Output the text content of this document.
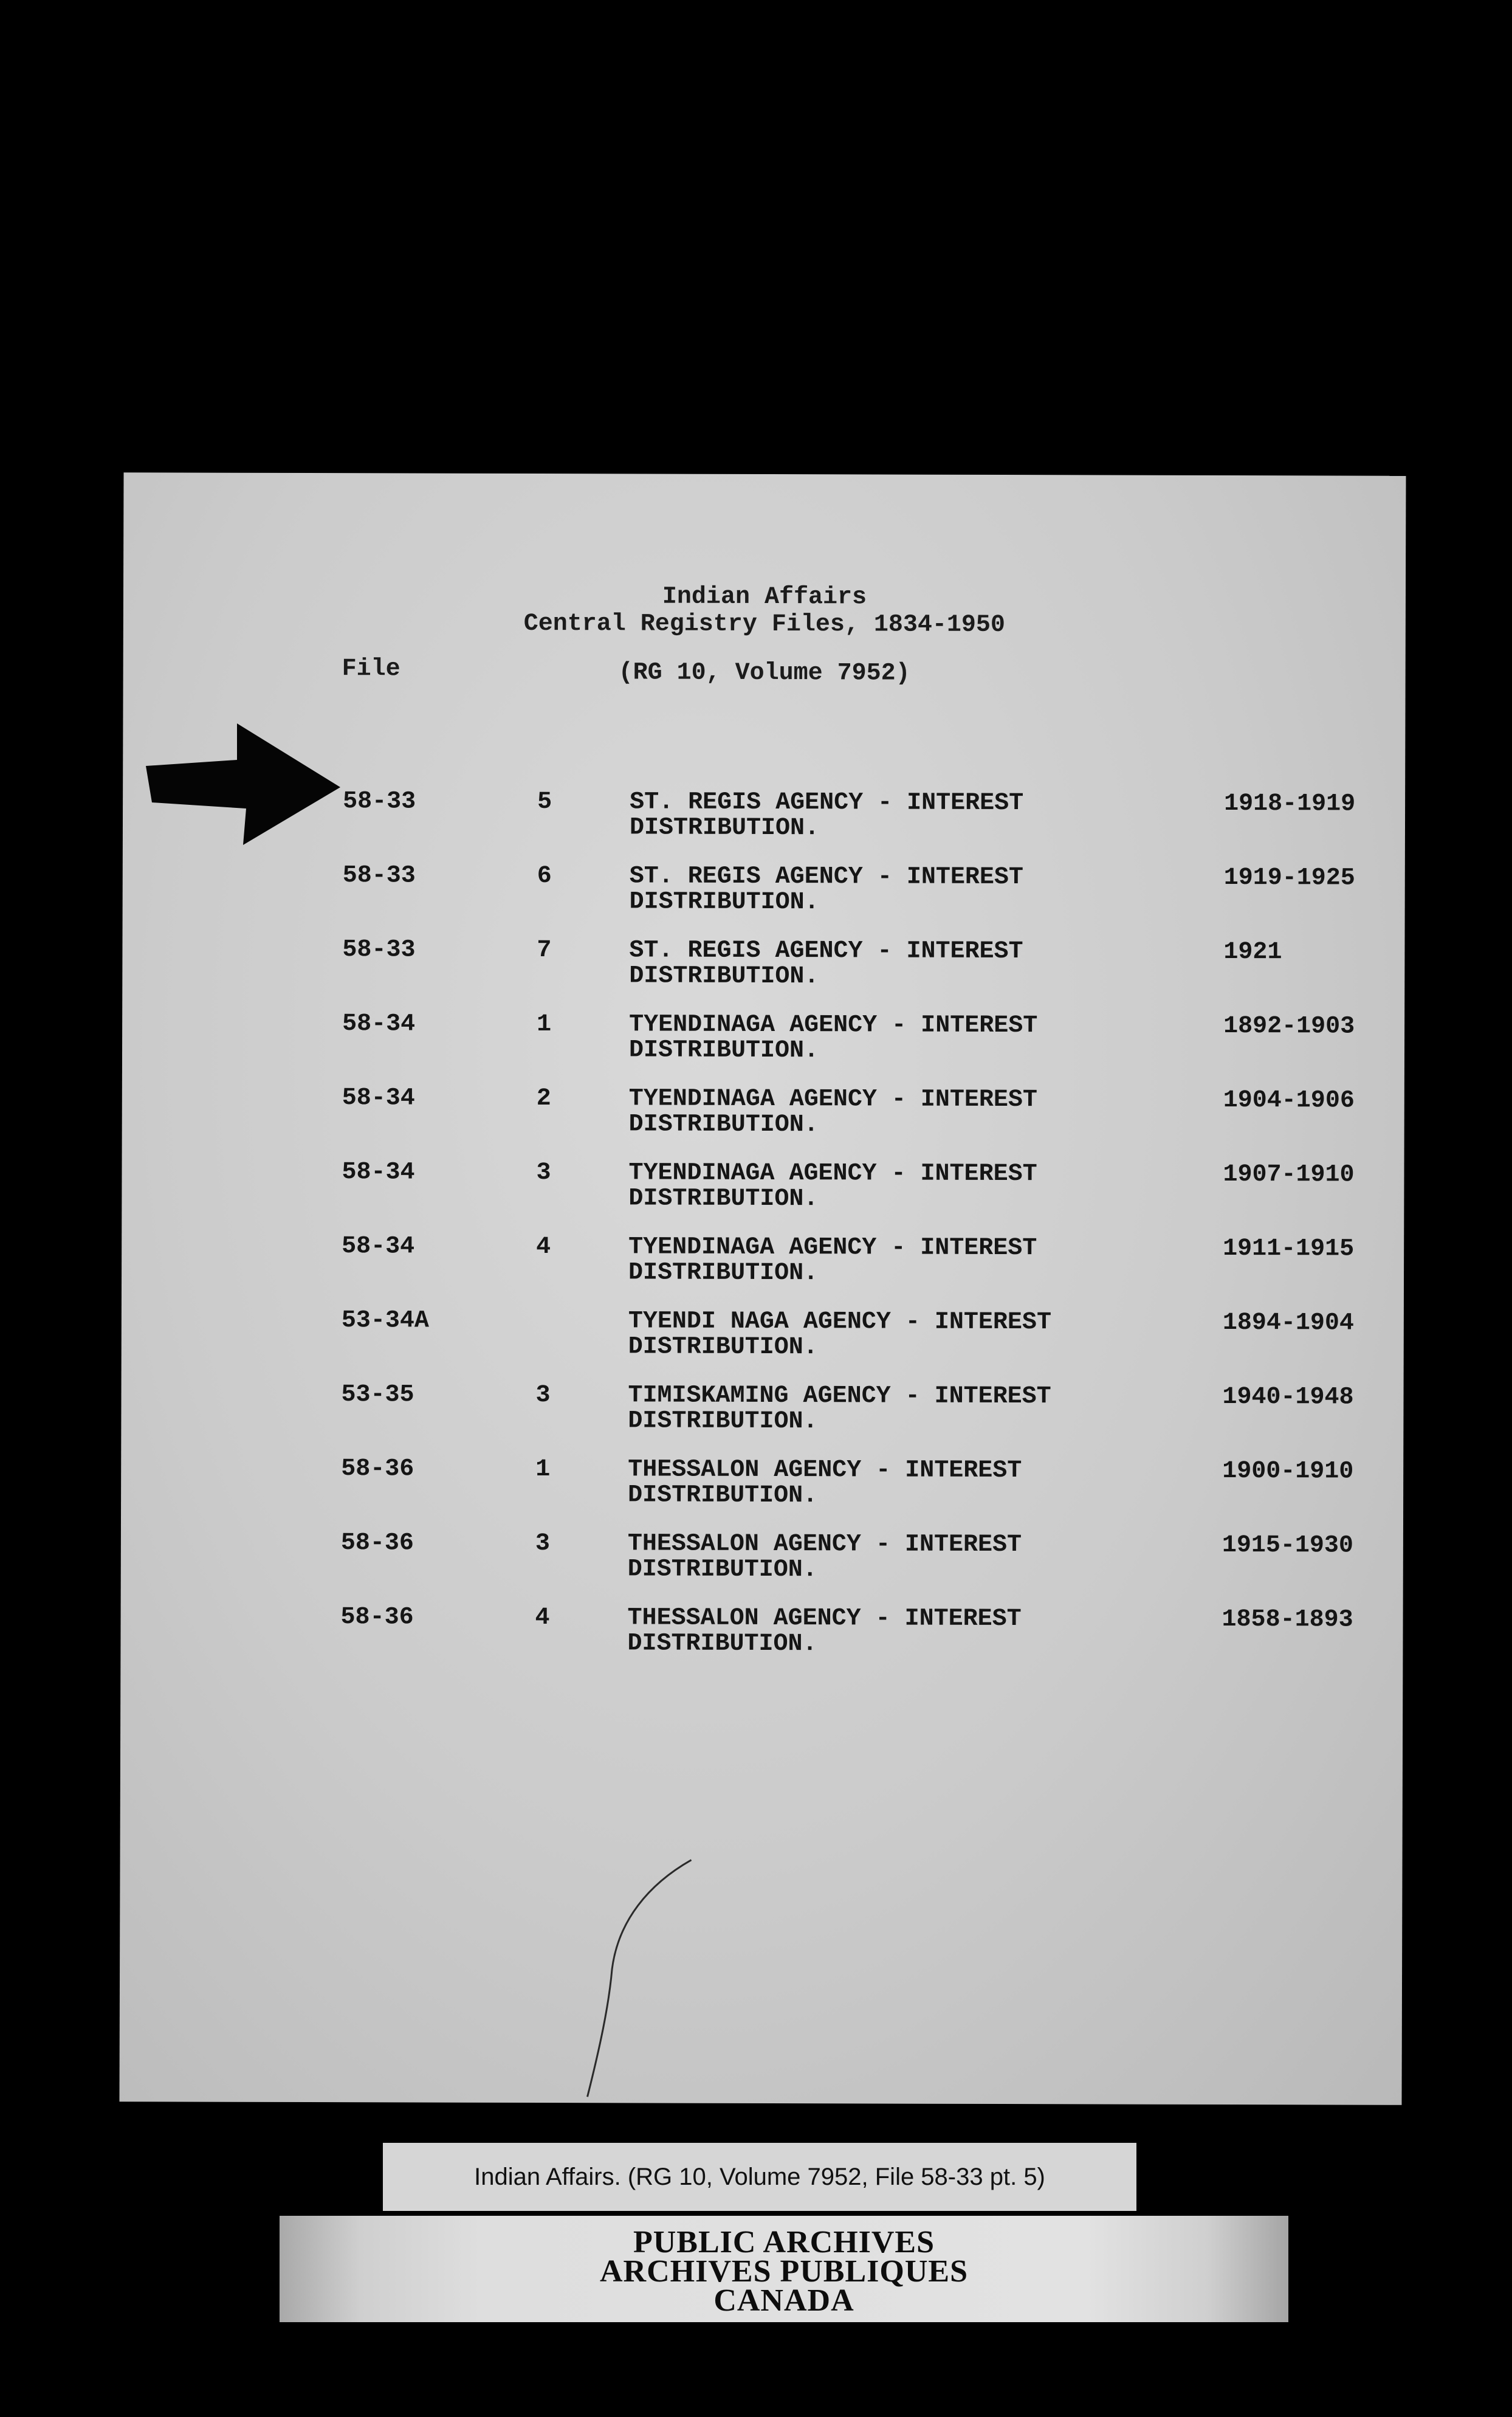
Indian Affairs
Central Registry Files, 1834-1950
(RG 10, Volume 7952)
File
58-33	5	ST. REGIS AGENCY - INTEREST
DISTRIBUTION.
1918-1919
58-33	6	ST. REGIS AGENCY - INTEREST
DISTRIBUTION.
1919-1925
58-33	7	ST. REGIS AGENCY - INTEREST
DISTRIBUTION.
1921
58-34	1	TYENDINAGA AGENCY - INTEREST
DISTRIBUTION.
1892-1903
58-34	2	TYENDINAGA AGENCY - INTEREST
DISTRIBUTION.
1904-1906
58-34	3	TYENDINAGA AGENCY - INTEREST
DISTRIBUTION.
1907-1910
58-34	4	TYENDINAGA AGENCY - INTEREST
DISTRIBUTION.
1911-1915
53-34A	TYENDI NAGA AGENCY - INTEREST
DISTRIBUTION.
1894-1904
53-35	3	TIMISKAMING AGENCY - INTEREST
DISTRIBUTION.
1940-1948
58-36	1	THESSALON AGENCY - INTEREST
DISTRIBUTION.
1900-1910
58-36	3	THESSALON AGENCY - INTEREST
DISTRIBUTION.
1915-1930
58-36	4	THESSALON AGENCY - INTEREST
DISTRIBUTION.
1858-1893
Indian Affairs. (RG 10, Volume 7952, File 58-33 pt. 5)
PUBLIC ARCHIVES
ARCHIVES PUBLIQUES
CANADA
